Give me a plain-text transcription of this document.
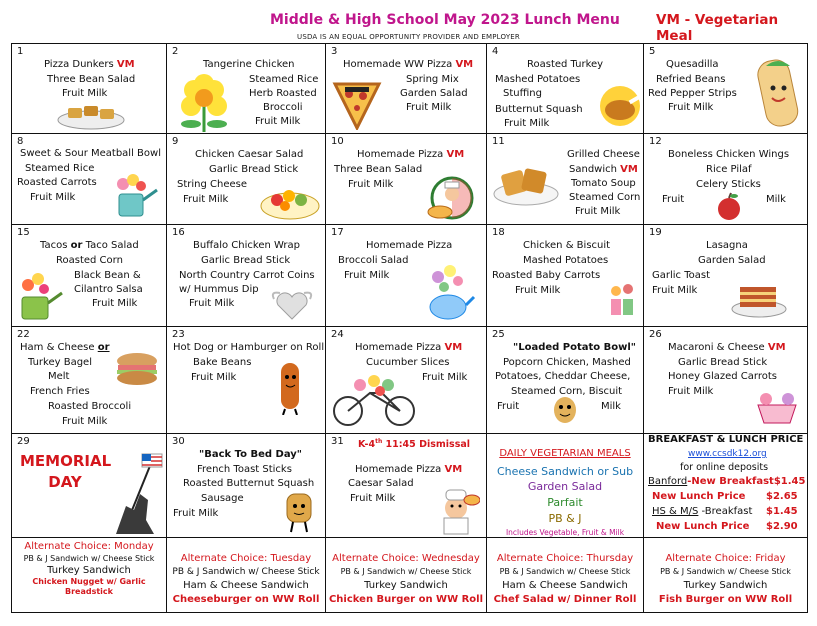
Middle & High School May 2023 Lunch Menu	VM - Vegetarian Meal
USDA IS AN EQUAL OPPORTUNITY PROVIDER AND EMPLOYER
1
Pizza Dunkers VM
Three Bean Salad
Fruit Milk
2
Tangerine Chicken
Steamed Rice
Herb Roasted
Broccoli
Fruit Milk
3
Homemade WW Pizza VM
Spring Mix
Garden Salad
Fruit Milk
4
Roasted Turkey
Mashed Potatoes
Stuffing
Butternut Squash
Fruit Milk
5
Quesadilla
Refried Beans
Red Pepper Strips
Fruit Milk
8
Sweet & Sour Meatball Bowl
Steamed Rice
Roasted Carrots
Fruit Milk
9
Chicken Caesar Salad
Garlic Bread Stick
String Cheese
Fruit Milk
10
Homemade Pizza VM
Three Bean Salad
Fruit Milk
11
Grilled Cheese
Sandwich VM
Tomato Soup
Steamed Corn
Fruit Milk
12
Boneless Chicken Wings
Rice Pilaf
Celery Sticks
Fruit	Milk
15
Tacos or Taco Salad
Roasted Corn
Black Bean &
Cilantro Salsa
Fruit Milk
16
Buffalo Chicken Wrap
Garlic Bread Stick
North Country Carrot Coins
w/ Hummus Dip
Fruit Milk
17
Homemade Pizza
Broccoli Salad
Fruit Milk
18
Chicken & Biscuit
Mashed Potatoes
Roasted Baby Carrots
Fruit Milk
19
Lasagna
Garden Salad
Garlic Toast
Fruit Milk
22
Ham & Cheese or
Turkey Bagel
Melt
French Fries
Roasted Broccoli
Fruit Milk
23
Hot Dog or Hamburger on Roll
Bake Beans
Fruit Milk
24
Homemade Pizza VM
Cucumber Slices
Fruit Milk
25
"Loaded Potato Bowl"
Popcorn Chicken, Mashed
Potatoes, Cheddar Cheese,
Steamed Corn, Biscuit
Fruit	Milk
26
Macaroni & Cheese VM
Garlic Bread Stick
Honey Glazed Carrots
Fruit Milk
29
MEMORIAL
DAY
30
"Back To Bed Day"
French Toast Sticks
Roasted Butternut Squash
Sausage
Fruit Milk
31 K-4th 11:45 Dismissal
Homemade Pizza VM
Caesar Salad
Fruit Milk
DAILY VEGETARIAN MEALS
Cheese Sandwich or Sub
Garden Salad
Parfait
PB & J
Includes Vegetable, Fruit & Milk
BREAKFAST & LUNCH PRICE
www.ccsdk12.org
for online deposits
Banford-New Breakfast$1.45
New Lunch Price $2.65
HS & M/S -Breakfast $1.45
New Lunch Price $2.90
Alternate Choice: Monday
PB & J Sandwich w/ Cheese Stick
Turkey Sandwich
Chicken Nugget w/ Garlic
Breadstick
Alternate Choice: Tuesday
PB & J Sandwich w/ Cheese Stick
Ham & Cheese Sandwich
Cheeseburger on WW Roll
Alternate Choice: Wednesday
PB & J Sandwich w/ Cheese Stick
Turkey Sandwich
Chicken Burger on WW Roll
Alternate Choice: Thursday
PB & J Sandwich w/ Cheese Stick
Ham & Cheese Sandwich
Chef Salad w/ Dinner Roll
Alternate Choice: Friday
PB & J Sandwich w/ Cheese Stick
Turkey Sandwich
Fish Burger on WW Roll
